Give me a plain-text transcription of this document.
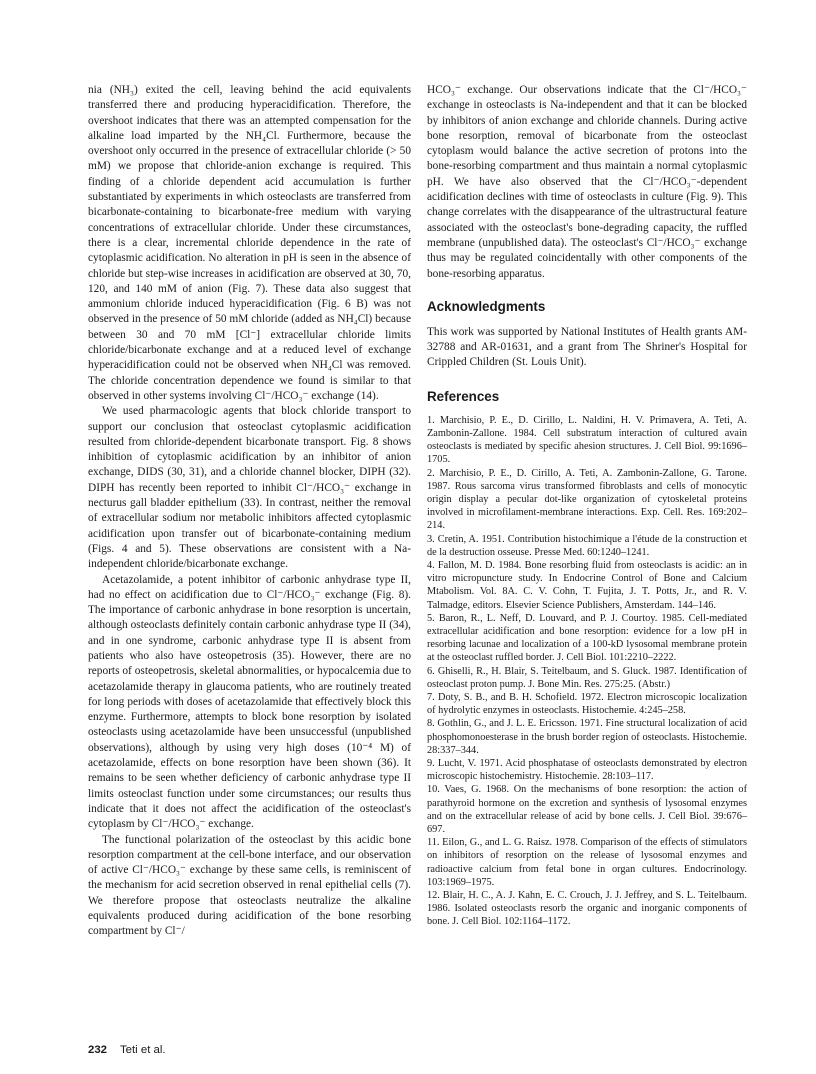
nia (NH₃) exited the cell, leaving behind the acid equivalents transferred there and producing hyperacidification. Therefore, the overshoot indicates that there was an attempted compensation for the alkaline load imparted by the NH₄Cl. Furthermore, because the overshoot only occurred in the presence of extracellular chloride (> 50 mM) we propose that chloride-anion exchange is required. This finding of a chloride dependent acid accumulation is further substantiated by experiments in which osteoclasts are transferred from bicarbonate-containing to bicarbonate-free medium with varying concentrations of extracellular chloride. Under these circumstances, there is a clear, incremental chloride dependence in the rate of cytoplasmic acidification. No alteration in pH is seen in the absence of chloride but step-wise increases in acidification are observed at 30, 70, 120, and 140 mM of anion (Fig. 7). These data also suggest that ammonium chloride induced hyperacidification (Fig. 6 B) was not observed in the presence of 50 mM chloride (added as NH₄Cl) because between 30 and 70 mM [Cl⁻] extracellular chloride limits chloride/bicarbonate exchange and at a reduced level of exchange hyperacidification could not be observed when NH₄Cl was removed. The chloride concentration dependence we found is similar to that observed in other systems involving Cl⁻/HCO₃⁻ exchange (14).

We used pharmacologic agents that block chloride transport to support our conclusion that osteoclast cytoplasmic acidification resulted from chloride-dependent bicarbonate transport. Fig. 8 shows inhibition of cytoplasmic acidification by an inhibitor of anion exchange, DIDS (30, 31), and a chloride channel blocker, DIPH (32). DIPH has recently been reported to inhibit Cl⁻/HCO₃⁻ exchange in necturus gall bladder epithelium (33). In contrast, neither the removal of extracellular sodium nor metabolic inhibitors affected cytoplasmic acidification upon transfer out of bicarbonate-containing medium (Figs. 4 and 5). These observations are consistent with a Na-independent chloride/bicarbonate exchange.

Acetazolamide, a potent inhibitor of carbonic anhydrase type II, had no effect on acidification due to Cl⁻/HCO₃⁻ exchange (Fig. 8). The importance of carbonic anhydrase in bone resorption is uncertain, although osteoclasts definitely contain carbonic anhydrase type II (34), and in one syndrome, carbonic anhydrase type II is absent from patients who also have osteopetrosis (35). However, there are no reports of osteopetrosis, skeletal abnormalities, or hypocalcemia due to acetazolamide therapy in glaucoma patients, who are routinely treated for long periods with doses of acetazolamide that effectively block this enzyme. Furthermore, attempts to block bone resorption by isolated osteoclasts using acetazolamide have been unsuccessful (unpublished observations), although by using very high doses (10⁻⁴ M) of acetazolamide, effects on bone resorption have been shown (36). It remains to be seen whether deficiency of carbonic anhydrase type II limits osteoclast function under some circumstances; our results thus indicate that it does not affect the acidification of the osteoclast's cytoplasm by Cl⁻/HCO₃⁻ exchange.

The functional polarization of the osteoclast by this acidic bone resorption compartment at the cell-bone interface, and our observation of active Cl⁻/HCO₃⁻ exchange by these same cells, is reminiscent of the mechanism for acid secretion observed in renal epithelial cells (7). We therefore propose that osteoclasts neutralize the alkaline equivalents produced during acidification of the bone resorbing compartment by Cl⁻/

HCO₃⁻ exchange. Our observations indicate that the Cl⁻/HCO₃⁻ exchange in osteoclasts is Na-independent and that it can be blocked by inhibitors of anion exchange and chloride channels. During active bone resorption, removal of bicarbonate from the osteoclast cytoplasm would balance the active secretion of protons into the bone-resorbing compartment and thus maintain a normal cytoplasmic pH. We have also observed that the Cl⁻/HCO₃⁻-dependent acidification declines with time of osteoclasts in culture (Fig. 9). This change correlates with the disappearance of the ultrastructural feature associated with the osteoclast's bone-degrading capacity, the ruffled membrane (unpublished data). The osteoclast's Cl⁻/HCO₃⁻ exchange thus may be regulated coincidentally with other components of the bone-resorbing apparatus.

Acknowledgments

This work was supported by National Institutes of Health grants AM-32788 and AR-01631, and a grant from The Shriner's Hospital for Crippled Children (St. Louis Unit).

References

1. Marchisio, P. E., D. Cirillo, L. Naldini, H. V. Primavera, A. Teti, A. Zambonin-Zallone. 1984. Cell substratum interaction of cultured avain osteoclasts is mediated by specific ahesion structures. J. Cell Biol. 99:1696–1705.

2. Marchisio, P. E., D. Cirillo, A. Teti, A. Zambonin-Zallone, G. Tarone. 1987. Rous sarcoma virus transformed fibroblasts and cells of monocytic origin display a pecular dot-like organization of cytoskeletal proteins involved in microfilament-membrane interactions. Exp. Cell. Res. 169:202–214.

3. Cretin, A. 1951. Contribution histochimique a l'étude de la construction et de la destruction osseuse. Presse Med. 60:1240–1241.

4. Fallon, M. D. 1984. Bone resorbing fluid from osteoclasts is acidic: an in vitro micropuncture study. In Endocrine Control of Bone and Calcium Mtabolism. Vol. 8A. C. V. Cohn, T. Fujita, J. T. Potts, Jr., and R. V. Talmadge, editors. Elsevier Science Publishers, Amsterdam. 144–146.

5. Baron, R., L. Neff, D. Louvard, and P. J. Courtoy. 1985. Cell-mediated extracellular acidification and bone resorption: evidence for a low pH in resorbing lacunae and localization of a 100-kD lysosomal membrane protein at the osteoclast ruffled border. J. Cell Biol. 101:2210–2222.

6. Ghiselli, R., H. Blair, S. Teitelbaum, and S. Gluck. 1987. Identification of osteoclast proton pump. J. Bone Min. Res. 275:25. (Abstr.)

7. Doty, S. B., and B. H. Schofield. 1972. Electron microscopic localization of hydrolytic enzymes in osteoclasts. Histochemie. 4:245–258.

8. Gothlin, G., and J. L. E. Ericsson. 1971. Fine structural localization of acid phosphomonoesterase in the brush border region of osteoclasts. Histochemie. 28:337–344.

9. Lucht, V. 1971. Acid phosphatase of osteoclasts demonstrated by electron microscopic histochemistry. Histochemie. 28:103–117.

10. Vaes, G. 1968. On the mechanisms of bone resorption: the action of parathyroid hormone on the excretion and synthesis of lysosomal enzymes and on the extracellular release of acid by bone cells. J. Cell Biol. 39:676–697.

11. Eilon, G., and L. G. Raisz. 1978. Comparison of the effects of stimulators on inhibitors of resorption on the release of lysosomal enzymes and radioactive calcium from fetal bone in organ cultures. Endocrinology. 103:1969–1975.

12. Blair, H. C., A. J. Kahn, E. C. Crouch, J. J. Jeffrey, and S. L. Teitelbaum. 1986. Isolated osteoclasts resorb the organic and inorganic components of bone. J. Cell Biol. 102:1164–1172.

232 Teti et al.
